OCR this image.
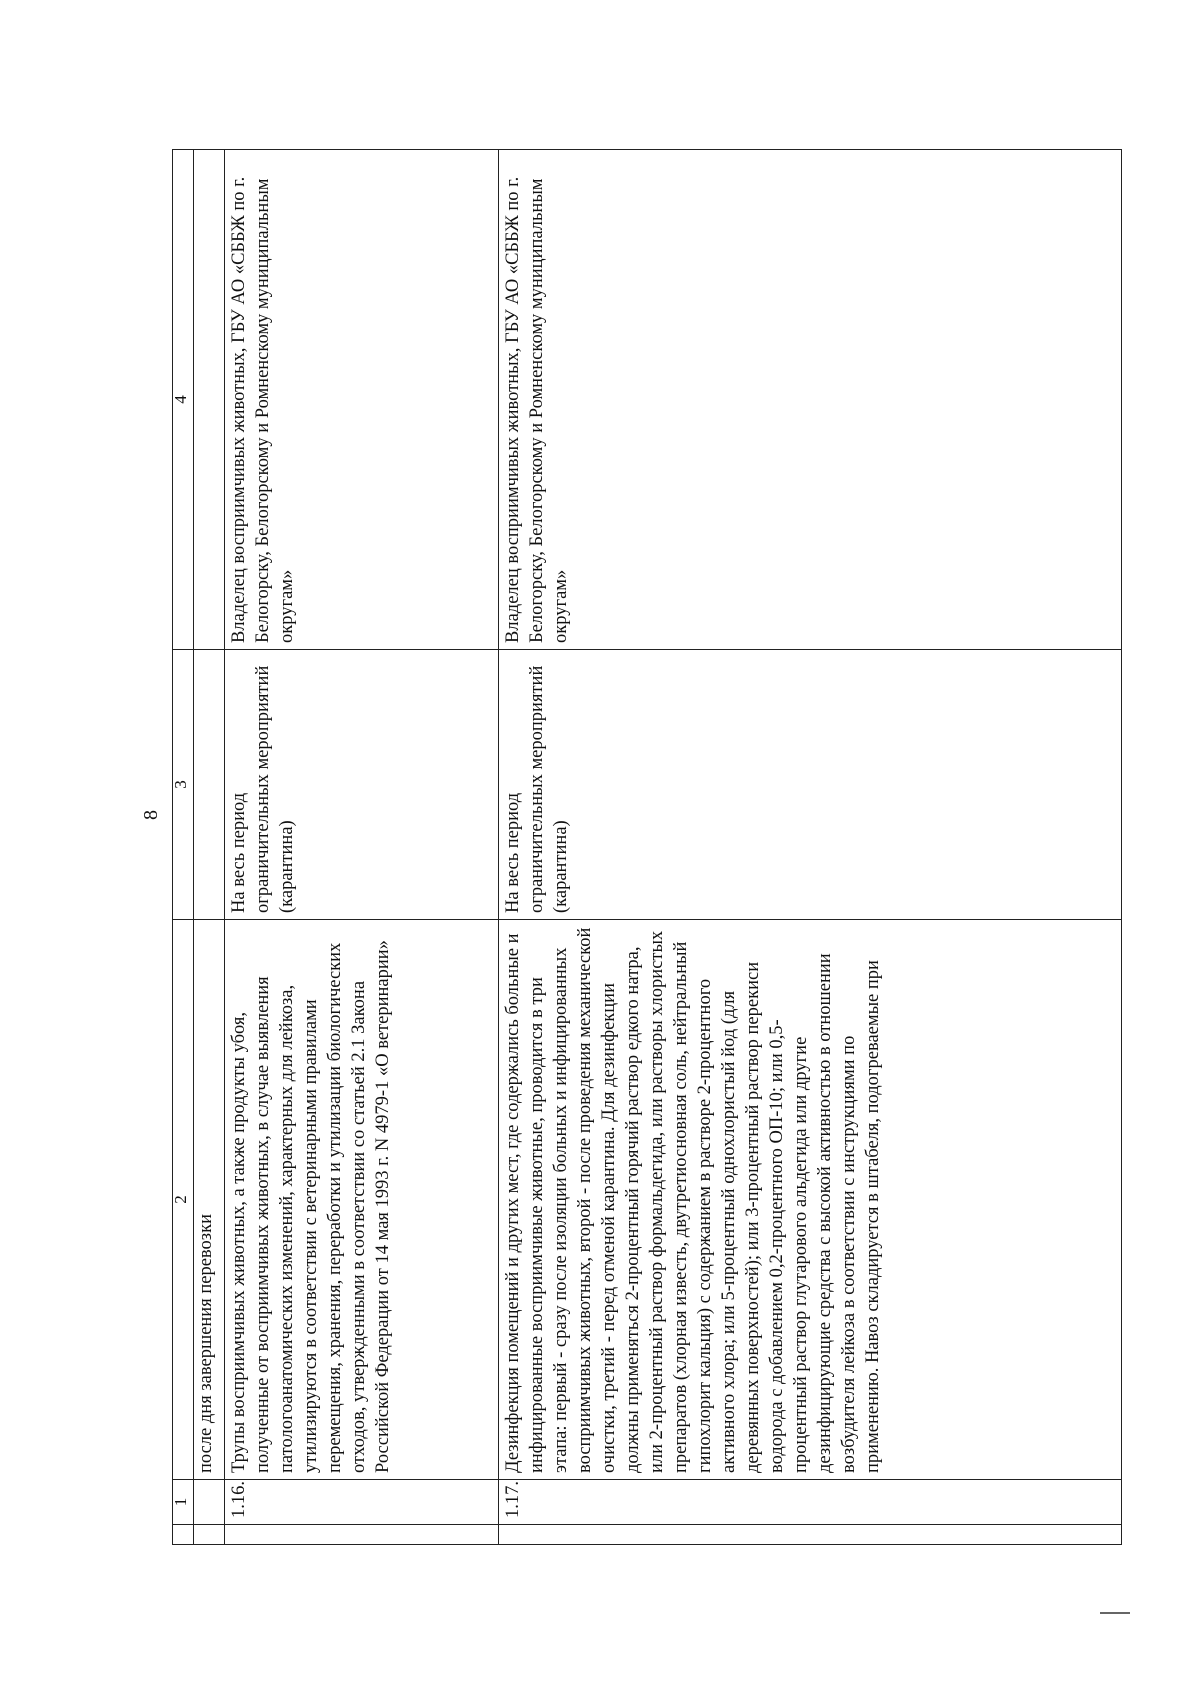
8
	1	2	3	4
		после дня завершения перевозки		
	1.16.	Трупы восприимчивых животных, а также продукты убоя, полученные от восприимчивых животных, в случае выявления патологоанатомических изменений, характерных для лейкоза, утилизируются в соответствии с ветеринарными правилами перемещения, хранения, переработки и утилизации биологических отходов, утвержденными в соответствии со статьей 2.1 Закона Российской Федерации от 14 мая 1993 г. N 4979-1 «О ветеринарии»	На весь период ограничительных мероприятий (карантина)	Владелец восприимчивых животных, ГБУ АО «СББЖ по г. Белогорску, Белогорскому и Ромненскому муниципальным округам»
	1.17.	Дезинфекция помещений и других мест, где содержались больные и инфицированные восприимчивые животные, проводится в три этапа: первый - сразу после изоляции больных и инфицированных восприимчивых животных, второй - после проведения механической очистки, третий - перед отменой карантина. Для дезинфекции должны применяться 2-процентный горячий раствор едкого натра, или 2-процентный раствор формальдегида, или растворы хлористых препаратов (хлорная известь, двутретиосновная соль, нейтральный гипохлорит кальция) с содержанием в растворе 2-процентного активного хлора; или 5-процентный однохлористый йод (для деревянных поверхностей); или 3-процентный раствор перекиси водорода с добавлением 0,2-процентного ОП-10; или 0,5-процентный раствор глутарового альдегида или другие дезинфицирующие средства с высокой активностью в отношении возбудителя лейкоза в соответствии с инструкциями по применению. Навоз складируется в штабеля, подогреваемые при	На весь период ограничительных мероприятий (карантина)	Владелец восприимчивых животных, ГБУ АО «СББЖ по г. Белогорску, Белогорскому и Ромненскому муниципальным округам»
